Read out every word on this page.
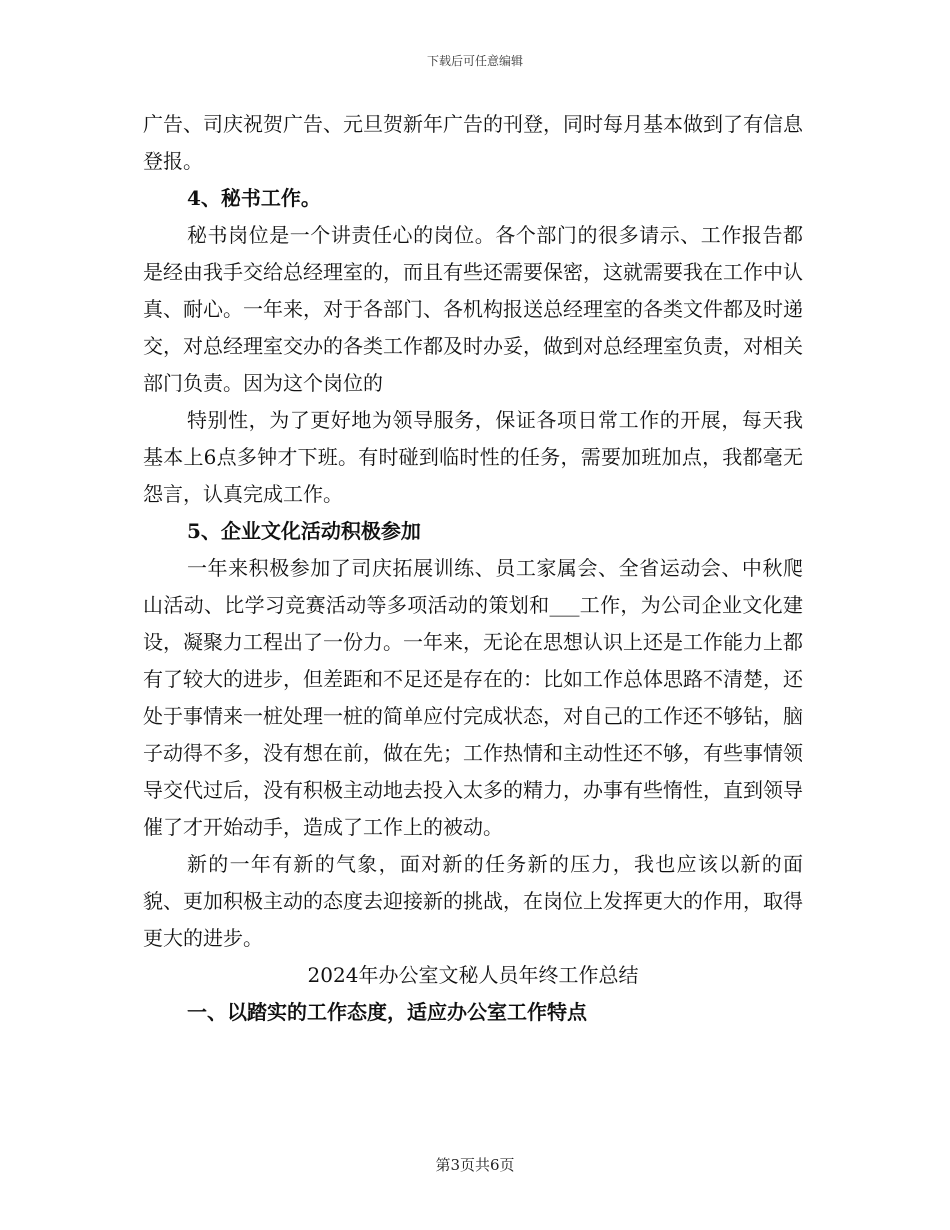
下载后可任意编辑

广告、司庆祝贺广告、元旦贺新年广告的刊登，同时每月基本做到了有信息登报。

4、秘书工作。

秘书岗位是一个讲责任心的岗位。各个部门的很多请示、工作报告都是经由我手交给总经理室的，而且有些还需要保密，这就需要我在工作中认真、耐心。一年来，对于各部门、各机构报送总经理室的各类文件都及时递交，对总经理室交办的各类工作都及时办妥，做到对总经理室负责，对相关部门负责。因为这个岗位的

特别性，为了更好地为领导服务，保证各项日常工作的开展，每天我基本上6点多钟才下班。有时碰到临时性的任务，需要加班加点，我都毫无怨言，认真完成工作。

5、企业文化活动积极参加

一年来积极参加了司庆拓展训练、员工家属会、全省运动会、中秋爬山活动、比学习竞赛活动等多项活动的策划和___工作，为公司企业文化建设，凝聚力工程出了一份力。一年来，无论在思想认识上还是工作能力上都有了较大的进步，但差距和不足还是存在的：比如工作总体思路不清楚，还处于事情来一桩处理一桩的简单应付完成状态，对自己的工作还不够钻，脑子动得不多，没有想在前，做在先；工作热情和主动性还不够，有些事情领导交代过后，没有积极主动地去投入太多的精力，办事有些惰性，直到领导催了才开始动手，造成了工作上的被动。

新的一年有新的气象，面对新的任务新的压力，我也应该以新的面貌、更加积极主动的态度去迎接新的挑战，在岗位上发挥更大的作用，取得更大的进步。

2024年办公室文秘人员年终工作总结

一、以踏实的工作态度，适应办公室工作特点

第3页共6页
